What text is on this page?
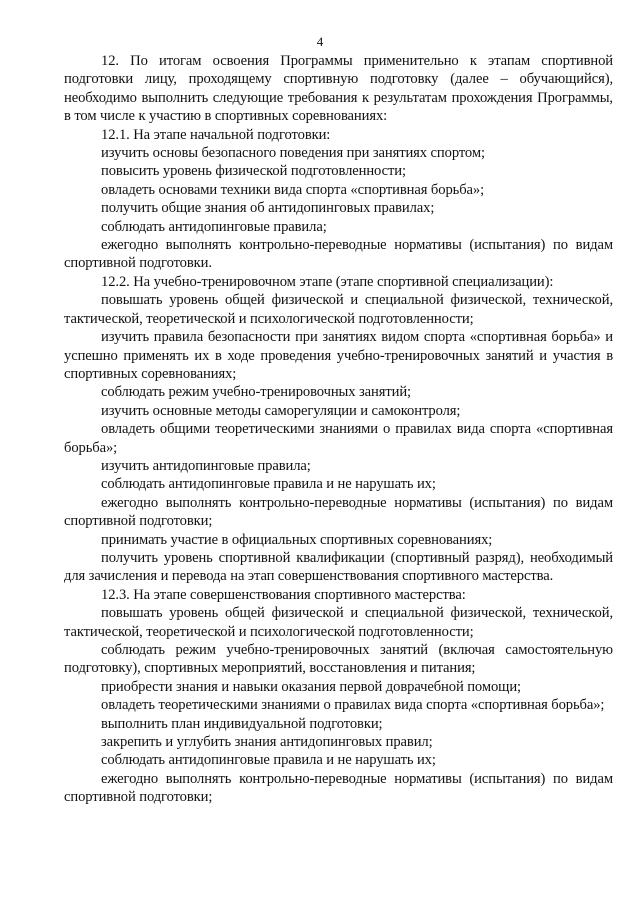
4

12. По итогам освоения Программы применительно к этапам спортивной подготовки лицу, проходящему спортивную подготовку (далее – обучающийся), необходимо выполнить следующие требования к результатам прохождения Программы, в том числе к участию в спортивных соревнованиях:

12.1. На этапе начальной подготовки:

изучить основы безопасного поведения при занятиях спортом;

повысить уровень физической подготовленности;

овладеть основами техники вида спорта «спортивная борьба»;

получить общие знания об антидопинговых правилах;

соблюдать антидопинговые правила;

ежегодно выполнять контрольно-переводные нормативы (испытания) по видам спортивной подготовки.

12.2. На учебно-тренировочном этапе (этапе спортивной специализации):

повышать уровень общей физической и специальной физической, технической, тактической, теоретической и психологической подготовленности;

изучить правила безопасности при занятиях видом спорта «спортивная борьба» и успешно применять их в ходе проведения учебно-тренировочных занятий и участия в спортивных соревнованиях;

соблюдать режим учебно-тренировочных занятий;

изучить основные методы саморегуляции и самоконтроля;

овладеть общими теоретическими знаниями о правилах вида спорта «спортивная борьба»;

изучить антидопинговые правила;

соблюдать антидопинговые правила и не нарушать их;

ежегодно выполнять контрольно-переводные нормативы (испытания) по видам спортивной подготовки;

принимать участие в официальных спортивных соревнованиях;

получить уровень спортивной квалификации (спортивный разряд), необходимый для зачисления и перевода на этап совершенствования спортивного мастерства.

12.3. На этапе совершенствования спортивного мастерства:

повышать уровень общей физической и специальной физической, технической, тактической, теоретической и психологической подготовленности;

соблюдать режим учебно-тренировочных занятий (включая самостоятельную подготовку), спортивных мероприятий, восстановления и питания;

приобрести знания и навыки оказания первой доврачебной помощи;

овладеть теоретическими знаниями о правилах вида спорта «спортивная борьба»;

выполнить план индивидуальной подготовки;

закрепить и углубить знания антидопинговых правил;

соблюдать антидопинговые правила и не нарушать их;

ежегодно выполнять контрольно-переводные нормативы (испытания) по видам спортивной подготовки;
